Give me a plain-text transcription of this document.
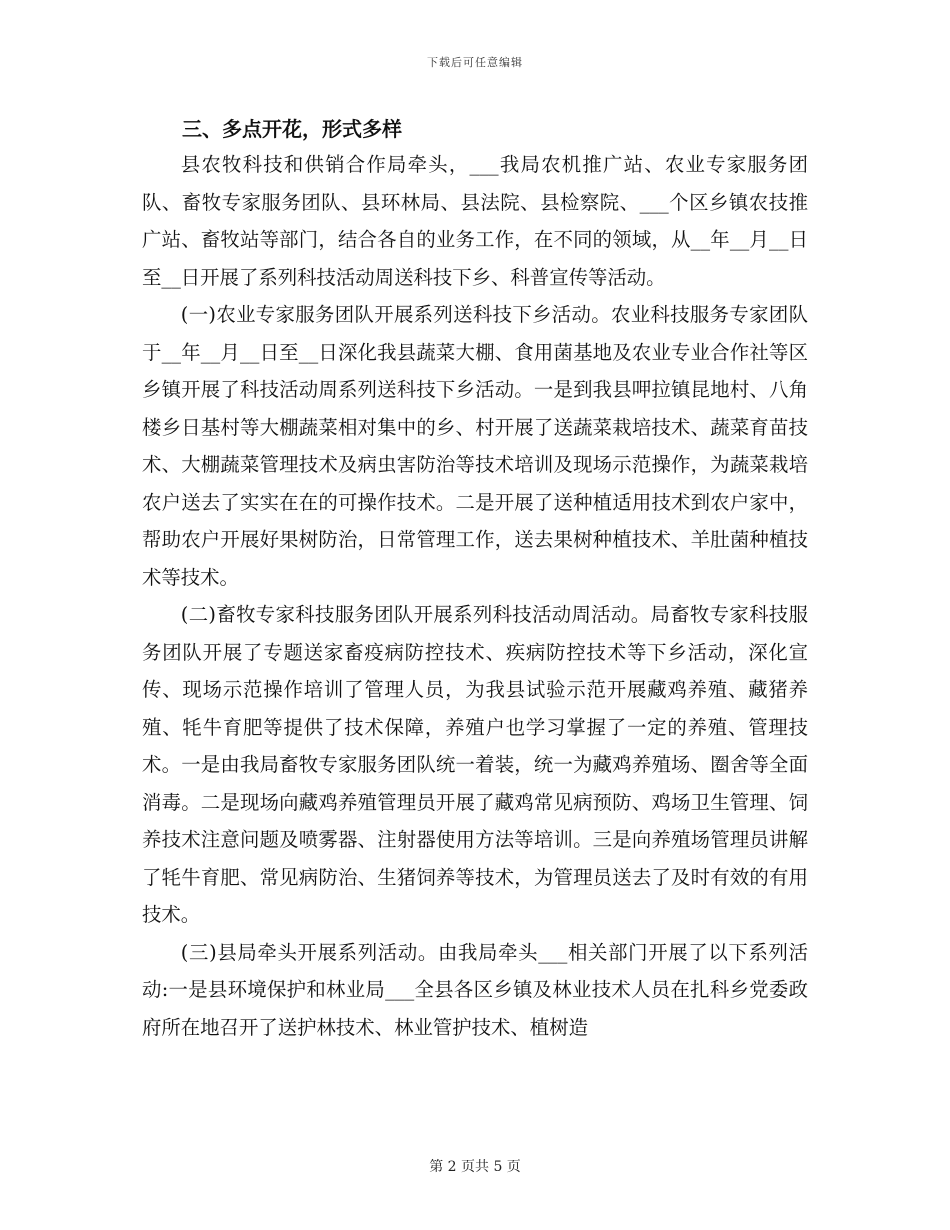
下载后可任意编辑
三、多点开花，形式多样

县农牧科技和供销合作局牵头，___我局农机推广站、农业专家服务团队、畜牧专家服务团队、县环林局、县法院、县检察院、___个区乡镇农技推广站、畜牧站等部门，结合各自的业务工作，在不同的领域，从__年__月__日至__日开展了系列科技活动周送科技下乡、科普宣传等活动。

(一)农业专家服务团队开展系列送科技下乡活动。农业科技服务专家团队于__年__月__日至__日深化我县蔬菜大棚、食用菌基地及农业专业合作社等区乡镇开展了科技活动周系列送科技下乡活动。一是到我县呷拉镇昆地村、八角楼乡日基村等大棚蔬菜相对集中的乡、村开展了送蔬菜栽培技术、蔬菜育苗技术、大棚蔬菜管理技术及病虫害防治等技术培训及现场示范操作，为蔬菜栽培农户送去了实实在在的可操作技术。二是开展了送种植适用技术到农户家中，帮助农户开展好果树防治，日常管理工作，送去果树种植技术、羊肚菌种植技术等技术。

(二)畜牧专家科技服务团队开展系列科技活动周活动。局畜牧专家科技服务团队开展了专题送家畜疫病防控技术、疾病防控技术等下乡活动，深化宣传、现场示范操作培训了管理人员，为我县试验示范开展藏鸡养殖、藏猪养殖、牦牛育肥等提供了技术保障，养殖户也学习掌握了一定的养殖、管理技术。一是由我局畜牧专家服务团队统一着装，统一为藏鸡养殖场、圈舍等全面消毒。二是现场向藏鸡养殖管理员开展了藏鸡常见病预防、鸡场卫生管理、饲养技术注意问题及喷雾器、注射器使用方法等培训。三是向养殖场管理员讲解了牦牛育肥、常见病防治、生猪饲养等技术，为管理员送去了及时有效的有用技术。

(三)县局牵头开展系列活动。由我局牵头___相关部门开展了以下系列活动:一是县环境保护和林业局___全县各区乡镇及林业技术人员在扎科乡党委政府所在地召开了送护林技术、林业管护技术、植树造

第 2 页共 5 页
